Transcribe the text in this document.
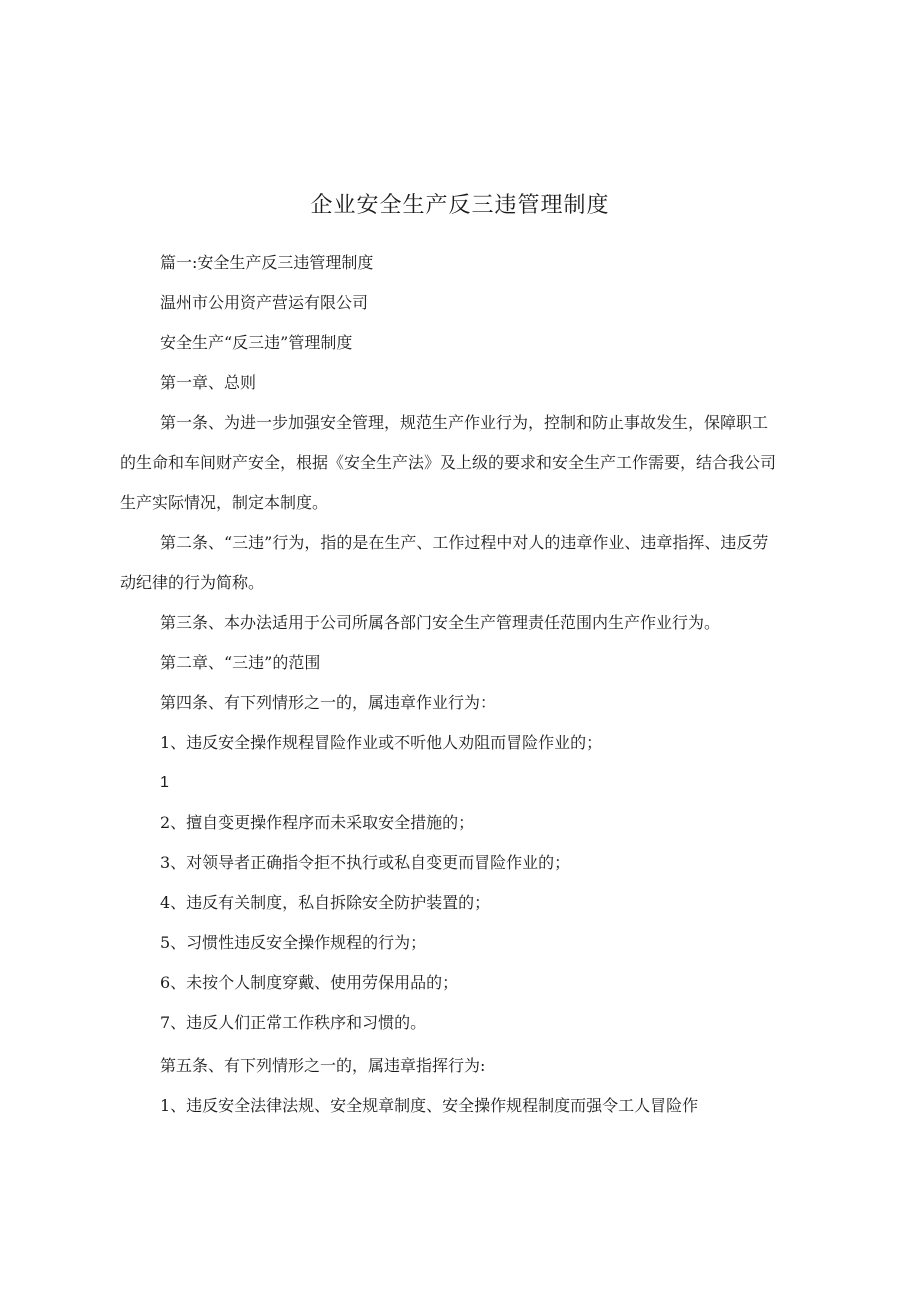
企业安全生产反三违管理制度
篇一:安全生产反三违管理制度
温州市公用资产营运有限公司
安全生产“反三违”管理制度
第一章、总则
第一条、为进一步加强安全管理，规范生产作业行为，控制和防止事故发生，保障职工的生命和车间财产安全，根据《安全生产法》及上级的要求和安全生产工作需要，结合我公司生产实际情况，制定本制度。
第二条、“三违”行为，指的是在生产、工作过程中对人的违章作业、违章指挥、违反劳动纪律的行为简称。
第三条、本办法适用于公司所属各部门安全生产管理责任范围内生产作业行为。
第二章、“三违”的范围
第四条、有下列情形之一的，属违章作业行为：
1、违反安全操作规程冒险作业或不听他人劝阻而冒险作业的；
1
2、擅自变更操作程序而未采取安全措施的；
3、对领导者正确指令拒不执行或私自变更而冒险作业的；
4、违反有关制度，私自拆除安全防护装置的；
5、习惯性违反安全操作规程的行为；
6、未按个人制度穿戴、使用劳保用品的；
7、违反人们正常工作秩序和习惯的。
第五条、有下列情形之一的，属违章指挥行为:
1、违反安全法律法规、安全规章制度、安全操作规程制度而强令工人冒险作
